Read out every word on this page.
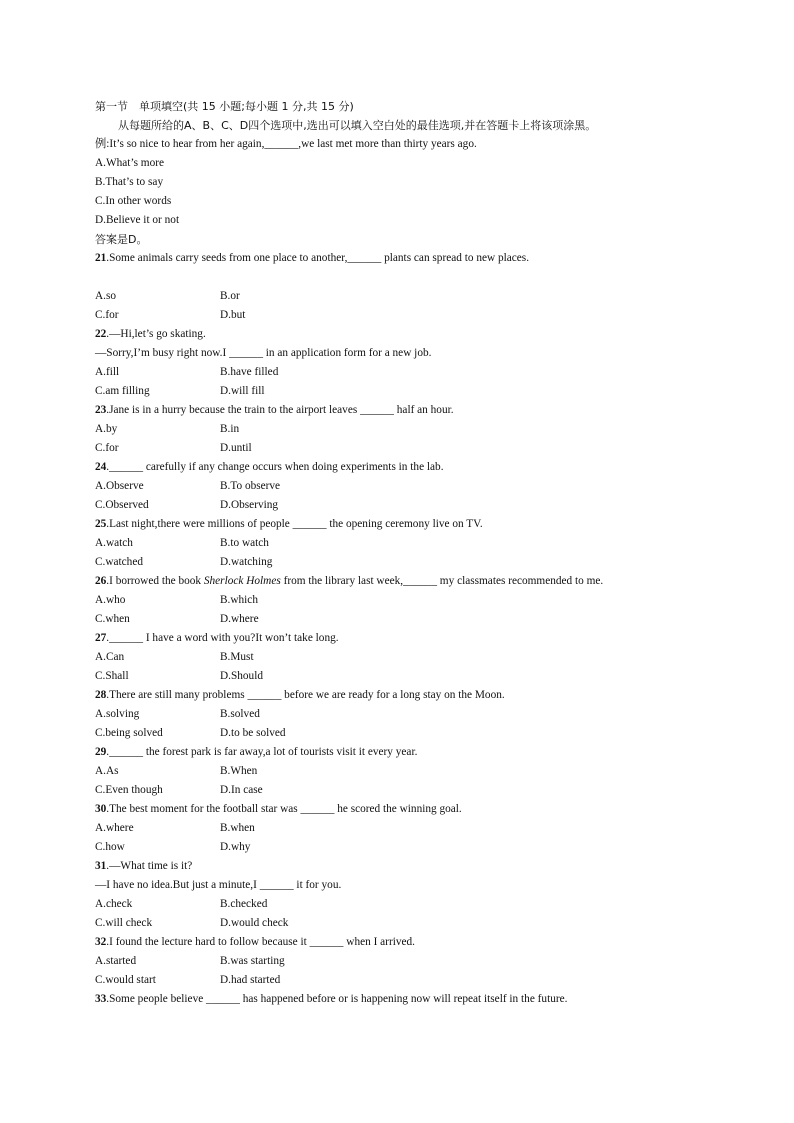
第一节　单项填空(共 15 小题;每小题 1 分,共 15 分)
从每题所给的A、B、C、D四个选项中,选出可以填入空白处的最佳选项,并在答题卡上将该项涂黑。
例:It’s so nice to hear from her again,______,we last met more than thirty years ago.
A.What’s more
B.That’s to say
C.In other words
D.Believe it or not
答案是D。
21.Some animals carry seeds from one place to another,______ plants can spread to new places.
A.so	B.or
C.for	D.but
22.—Hi,let’s go skating.
—Sorry,I’m busy right now.I ______ in an application form for a new job.
A.fill	B.have filled
C.am filling	D.will fill
23.Jane is in a hurry because the train to the airport leaves ______ half an hour.
A.by	B.in
C.for	D.until
24.______ carefully if any change occurs when doing experiments in the lab.
A.Observe	B.To observe
C.Observed	D.Observing
25.Last night,there were millions of people ______ the opening ceremony live on TV.
A.watch	B.to watch
C.watched	D.watching
26.I borrowed the book Sherlock Holmes from the library last week,______ my classmates recommended to me.
A.who	B.which
C.when	D.where
27.______ I have a word with you?It won’t take long.
A.Can	B.Must
C.Shall	D.Should
28.There are still many problems ______ before we are ready for a long stay on the Moon.
A.solving	B.solved
C.being solved	D.to be solved
29.______ the forest park is far away,a lot of tourists visit it every year.
A.As	B.When
C.Even though	D.In case
30.The best moment for the football star was ______ he scored the winning goal.
A.where	B.when
C.how	D.why
31.—What time is it?
—I have no idea.But just a minute,I ______ it for you.
A.check	B.checked
C.will check	D.would check
32.I found the lecture hard to follow because it ______ when I arrived.
A.started	B.was starting
C.would start	D.had started
33.Some people believe ______ has happened before or is happening now will repeat itself in the future.
